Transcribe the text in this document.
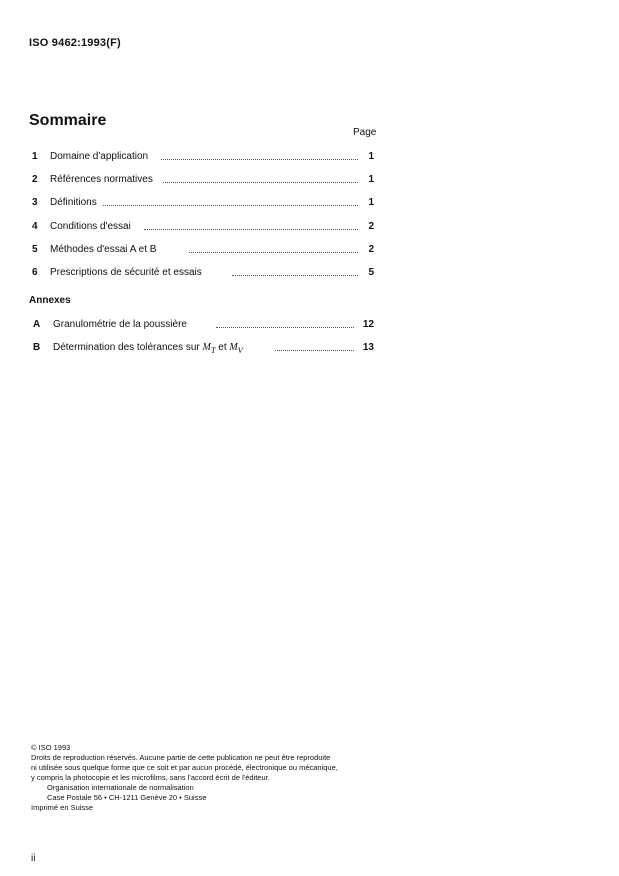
ISO 9462:1993(F)
Sommaire
Page
1 Domaine d'application	1
2 Références normatives	1
3 Définitions	1
4 Conditions d'essai	2
5 Méthodes d'essai A et B	2
6 Prescriptions de sécurité et essais	5
Annexes
A Granulométrie de la poussière	12
B Détermination des tolérances sur $M_T$ et $M_V$	13
© ISO 1993
Droits de reproduction réservés. Aucune partie de cette publication ne peut être reproduite
ni utilisée sous quelque forme que ce soit et par aucun procédé, électronique ou mécanique,
y compris la photocopie et les microfilms, sans l'accord écrit de l'éditeur.
Organisation internationale de normalisation
Case Postale 56 • CH-1211 Genève 20 • Suisse
Imprimé en Suisse
ii
